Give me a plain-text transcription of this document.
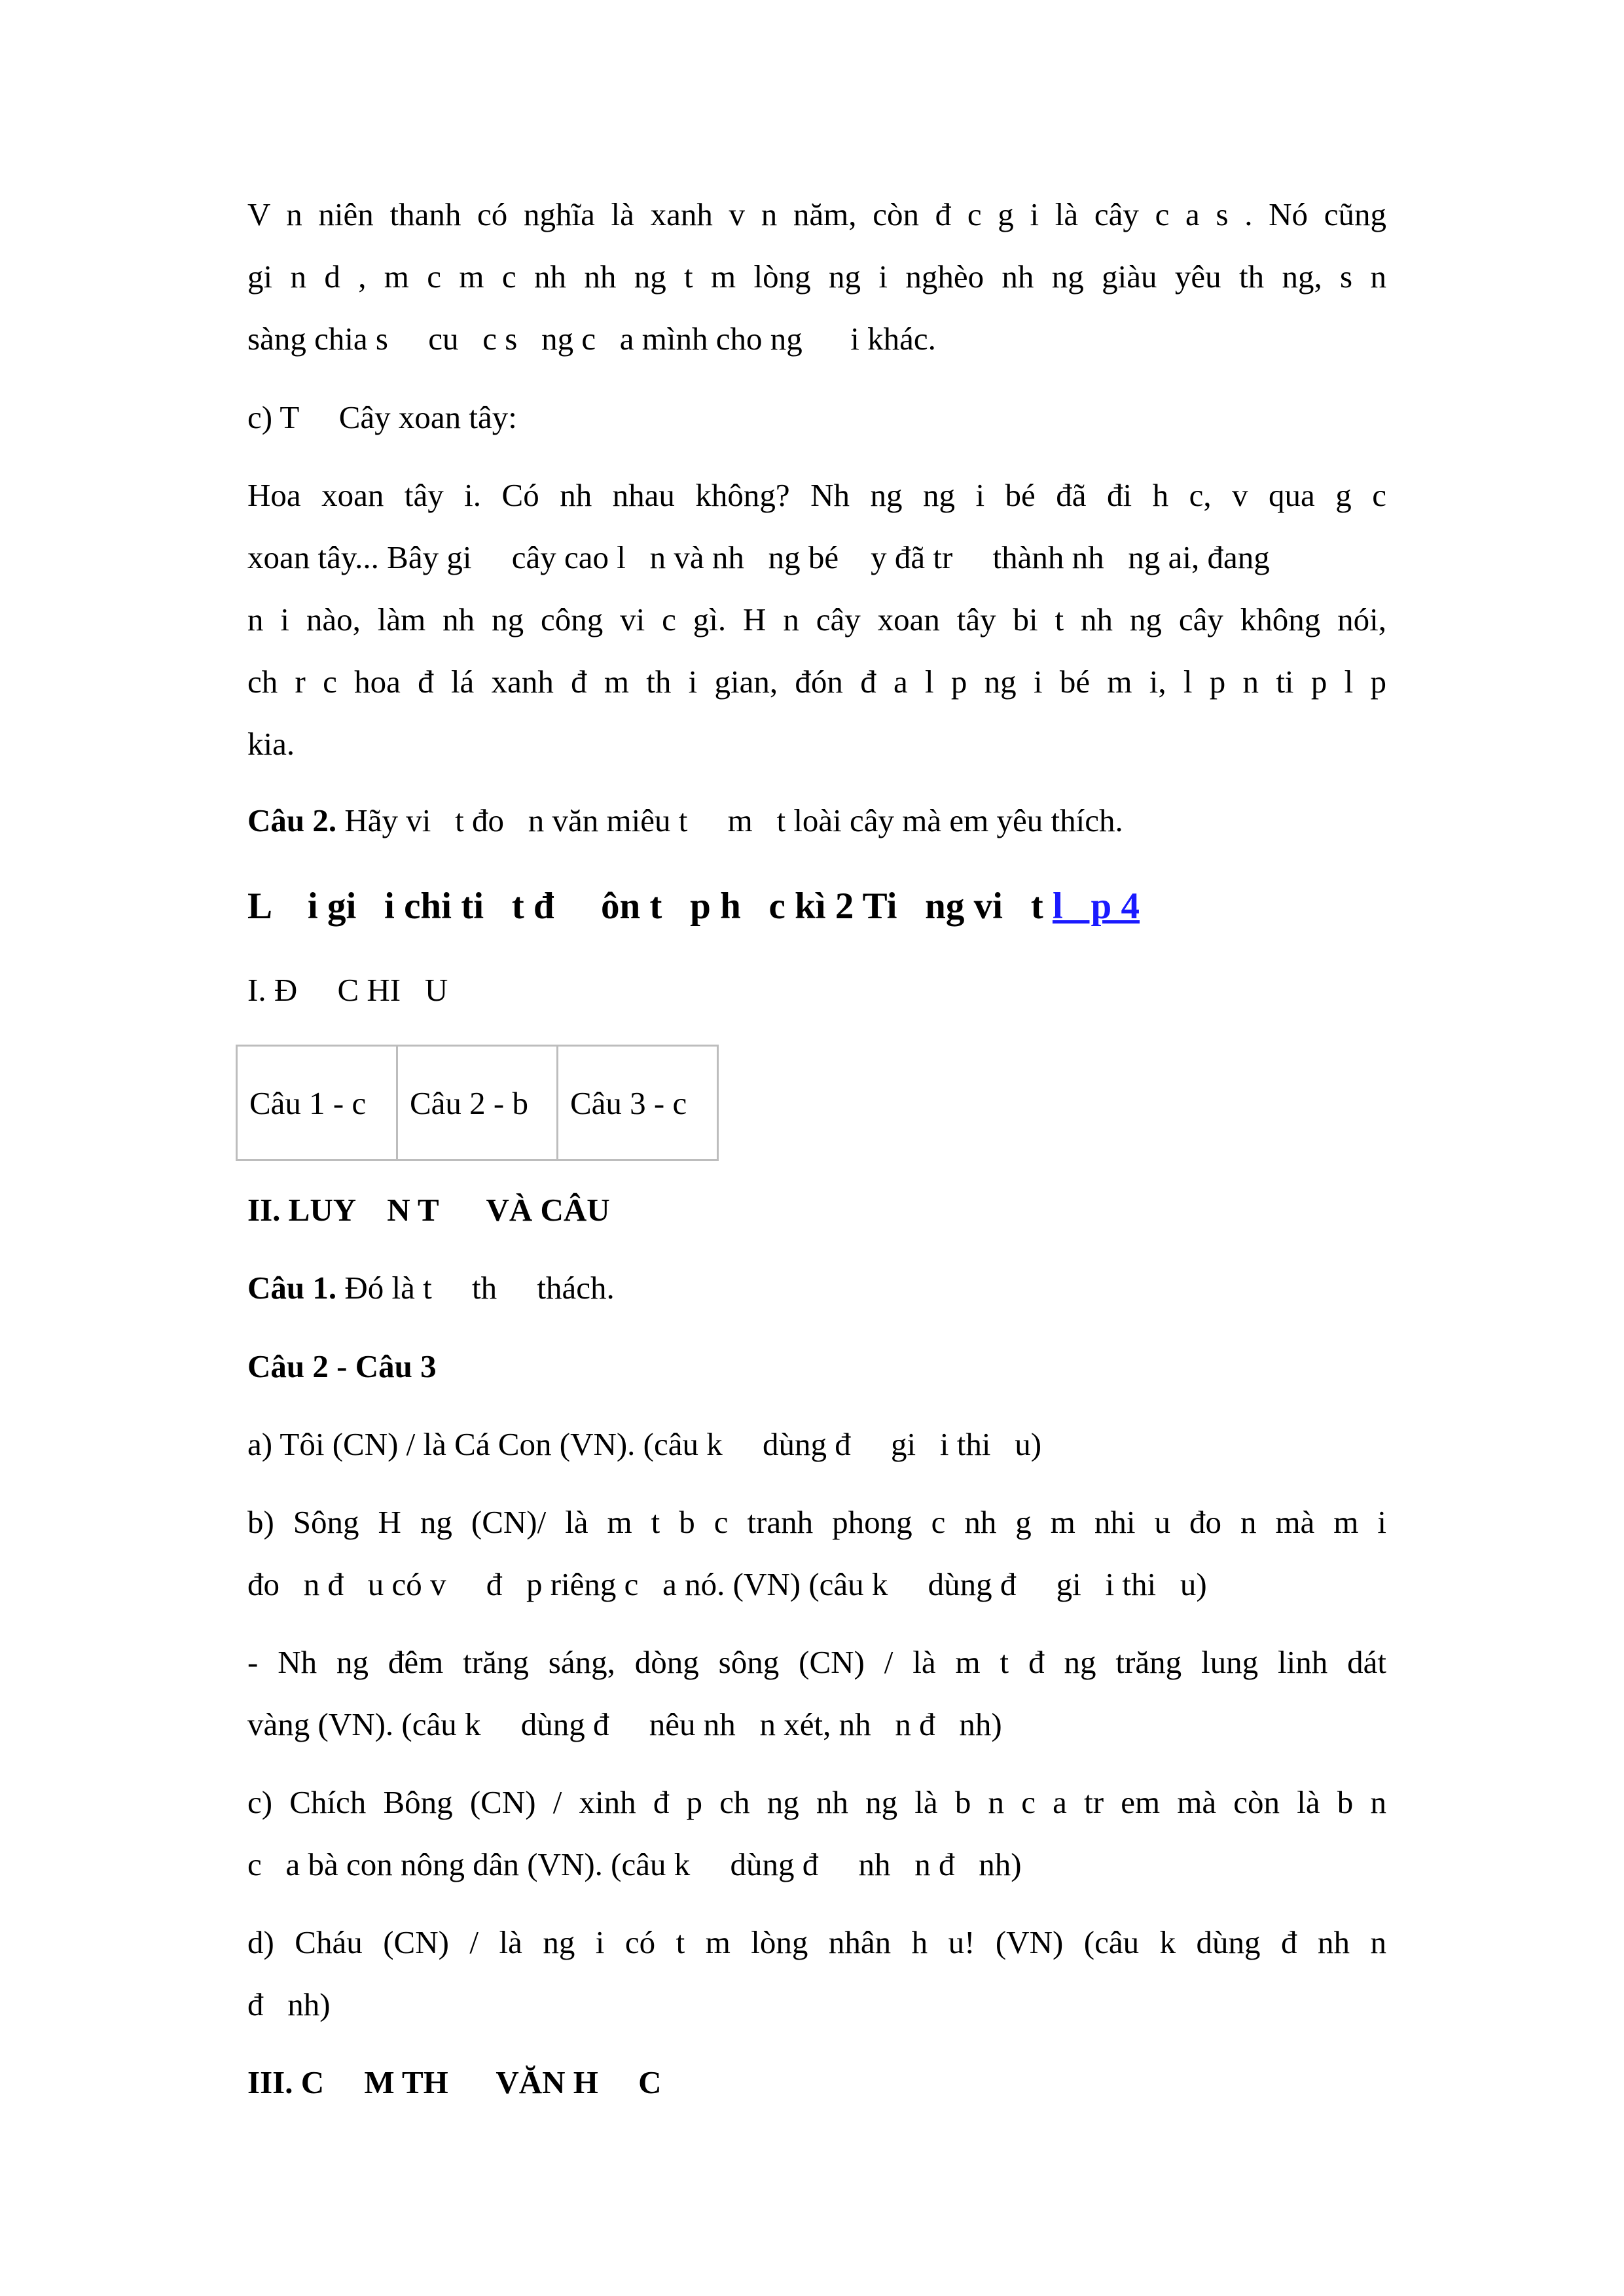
V n niên thanh có nghĩa là xanh v n năm, còn đ c g i là cây c a s . Nó cũng
gi n d , m c m c nh nh ng t m lòng ng i nghèo nh ng giàu yêu th ng, s n
sàng chia s     cu   c s   ng c   a mình cho ng      i khác.
c) T     Cây xoan tây:
Hoa xoan tây i. Có nh nhau không? Nh ng ng i bé đã đi h c, v qua g c
xoan tây... Bây gi     cây cao l   n và nh   ng bé    y đã tr     thành nh   ng ai, đang
n i nào, làm nh ng công vi c gì. H n cây xoan tây bi t nh ng cây không nói,
ch r c hoa đ lá xanh đ m th i gian, đón đ a l p ng i bé m i, l p n ti p l p
kia.
Câu 2. Hãy vi   t đo   n văn miêu t     m   t loài cây mà em yêu thích.
L    i gi   i chi ti   t đ     ôn t   p h   c kì 2 Ti   ng vi   t l   p 4
I. Đ     C HI   U
Câu 1 - c	Câu 2 - b	Câu 3 - c
II. LUY    N T      VÀ CÂU
Câu 1. Đó là t     th     thách.
Câu 2 - Câu 3
a) Tôi (CN) / là Cá Con (VN). (câu k     dùng đ     gi   i thi   u)
b) Sông H ng (CN)/ là m t b c tranh phong c nh g m nhi u đo n mà m i
đo   n đ   u có v     đ   p riêng c   a nó. (VN) (câu k     dùng đ     gi   i thi   u)
- Nh ng đêm trăng sáng, dòng sông (CN) / là m t đ ng trăng lung linh dát
vàng (VN). (câu k     dùng đ     nêu nh   n xét, nh   n đ   nh)
c) Chích Bông (CN) / xinh đ p ch ng nh ng là b n c a tr em mà còn là b n
c   a bà con nông dân (VN). (câu k     dùng đ     nh   n đ   nh)
d) Cháu (CN) / là ng i có t m lòng nhân h u! (VN) (câu k dùng đ nh n
đ   nh)
III. C     M TH      VĂN H     C
